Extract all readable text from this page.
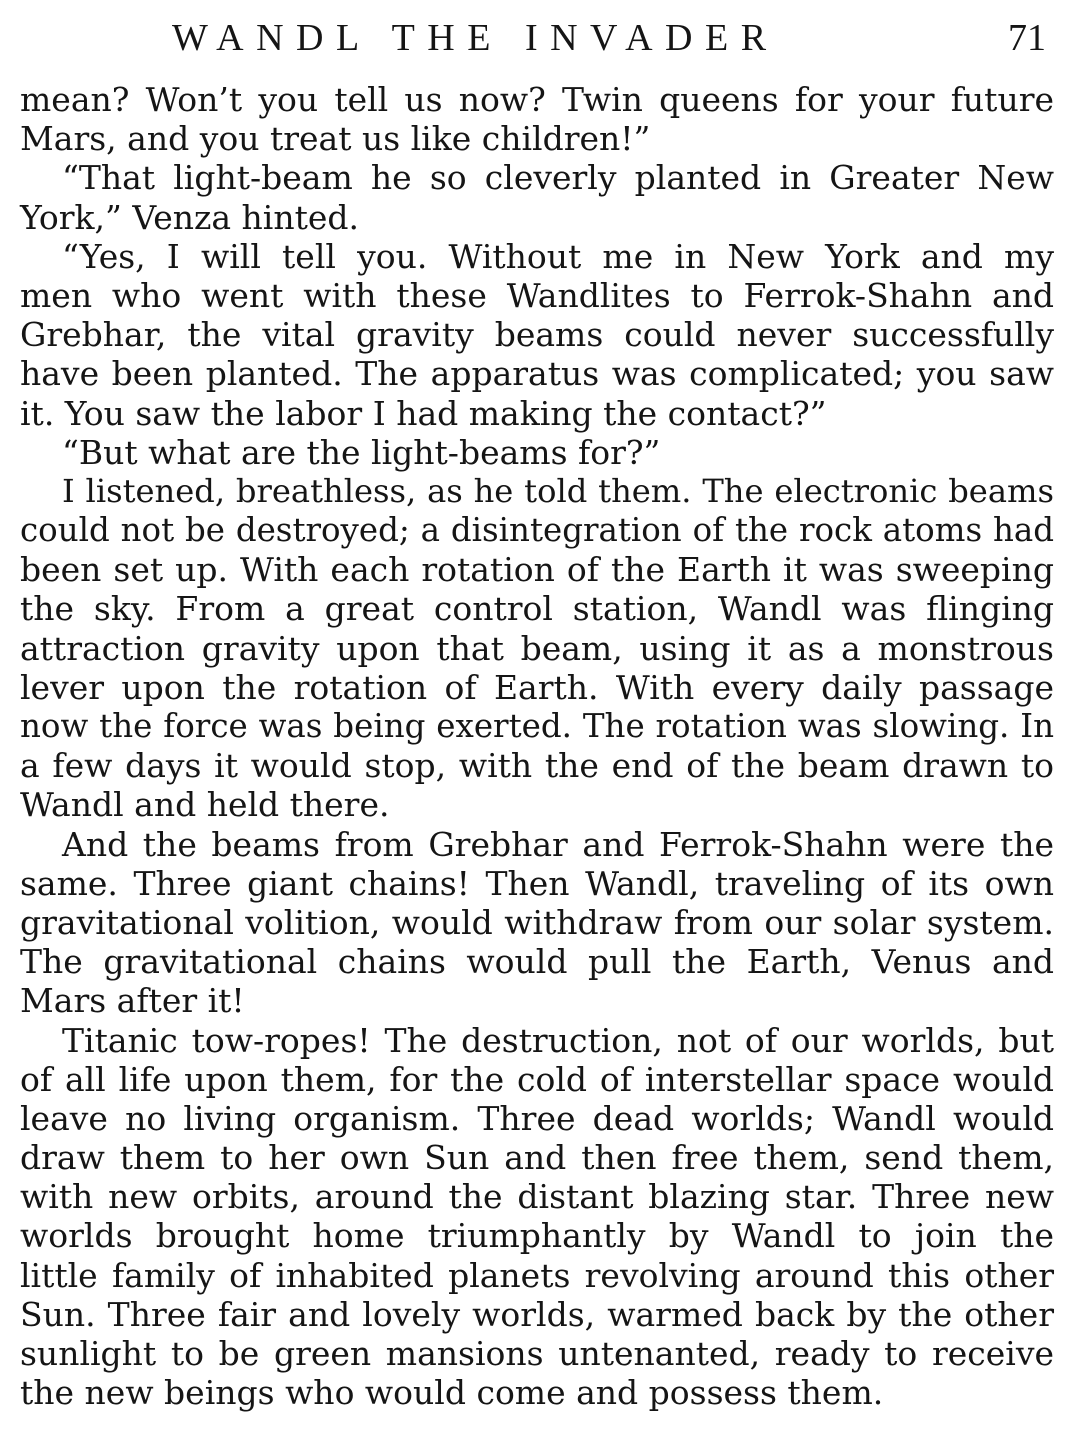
WANDL THE INVADER	71
mean? Won’t you tell us now? Twin queens for your future
Mars, and you treat us like children!”
“That light-beam he so cleverly planted in Greater New
York,” Venza hinted.
“Yes, I will tell you. Without me in New York and my
men who went with these Wandlites to Ferrok-Shahn and
Grebhar, the vital gravity beams could never successfully
have been planted. The apparatus was complicated; you saw
it. You saw the labor I had making the contact?”
“But what are the light-beams for?”
I listened, breathless, as he told them. The electronic beams
could not be destroyed; a disintegration of the rock atoms had
been set up. With each rotation of the Earth it was sweeping
the sky. From a great control station, Wandl was flinging
attraction gravity upon that beam, using it as a monstrous
lever upon the rotation of Earth. With every daily passage
now the force was being exerted. The rotation was slowing. In
a few days it would stop, with the end of the beam drawn to
Wandl and held there.
And the beams from Grebhar and Ferrok-Shahn were the
same. Three giant chains! Then Wandl, traveling of its own
gravitational volition, would withdraw from our solar system.
The gravitational chains would pull the Earth, Venus and
Mars after it!
Titanic tow-ropes! The destruction, not of our worlds, but
of all life upon them, for the cold of interstellar space would
leave no living organism. Three dead worlds; Wandl would
draw them to her own Sun and then free them, send them,
with new orbits, around the distant blazing star. Three new
worlds brought home triumphantly by Wandl to join the
little family of inhabited planets revolving around this other
Sun. Three fair and lovely worlds, warmed back by the other
sunlight to be green mansions untenanted, ready to receive
the new beings who would come and possess them.
